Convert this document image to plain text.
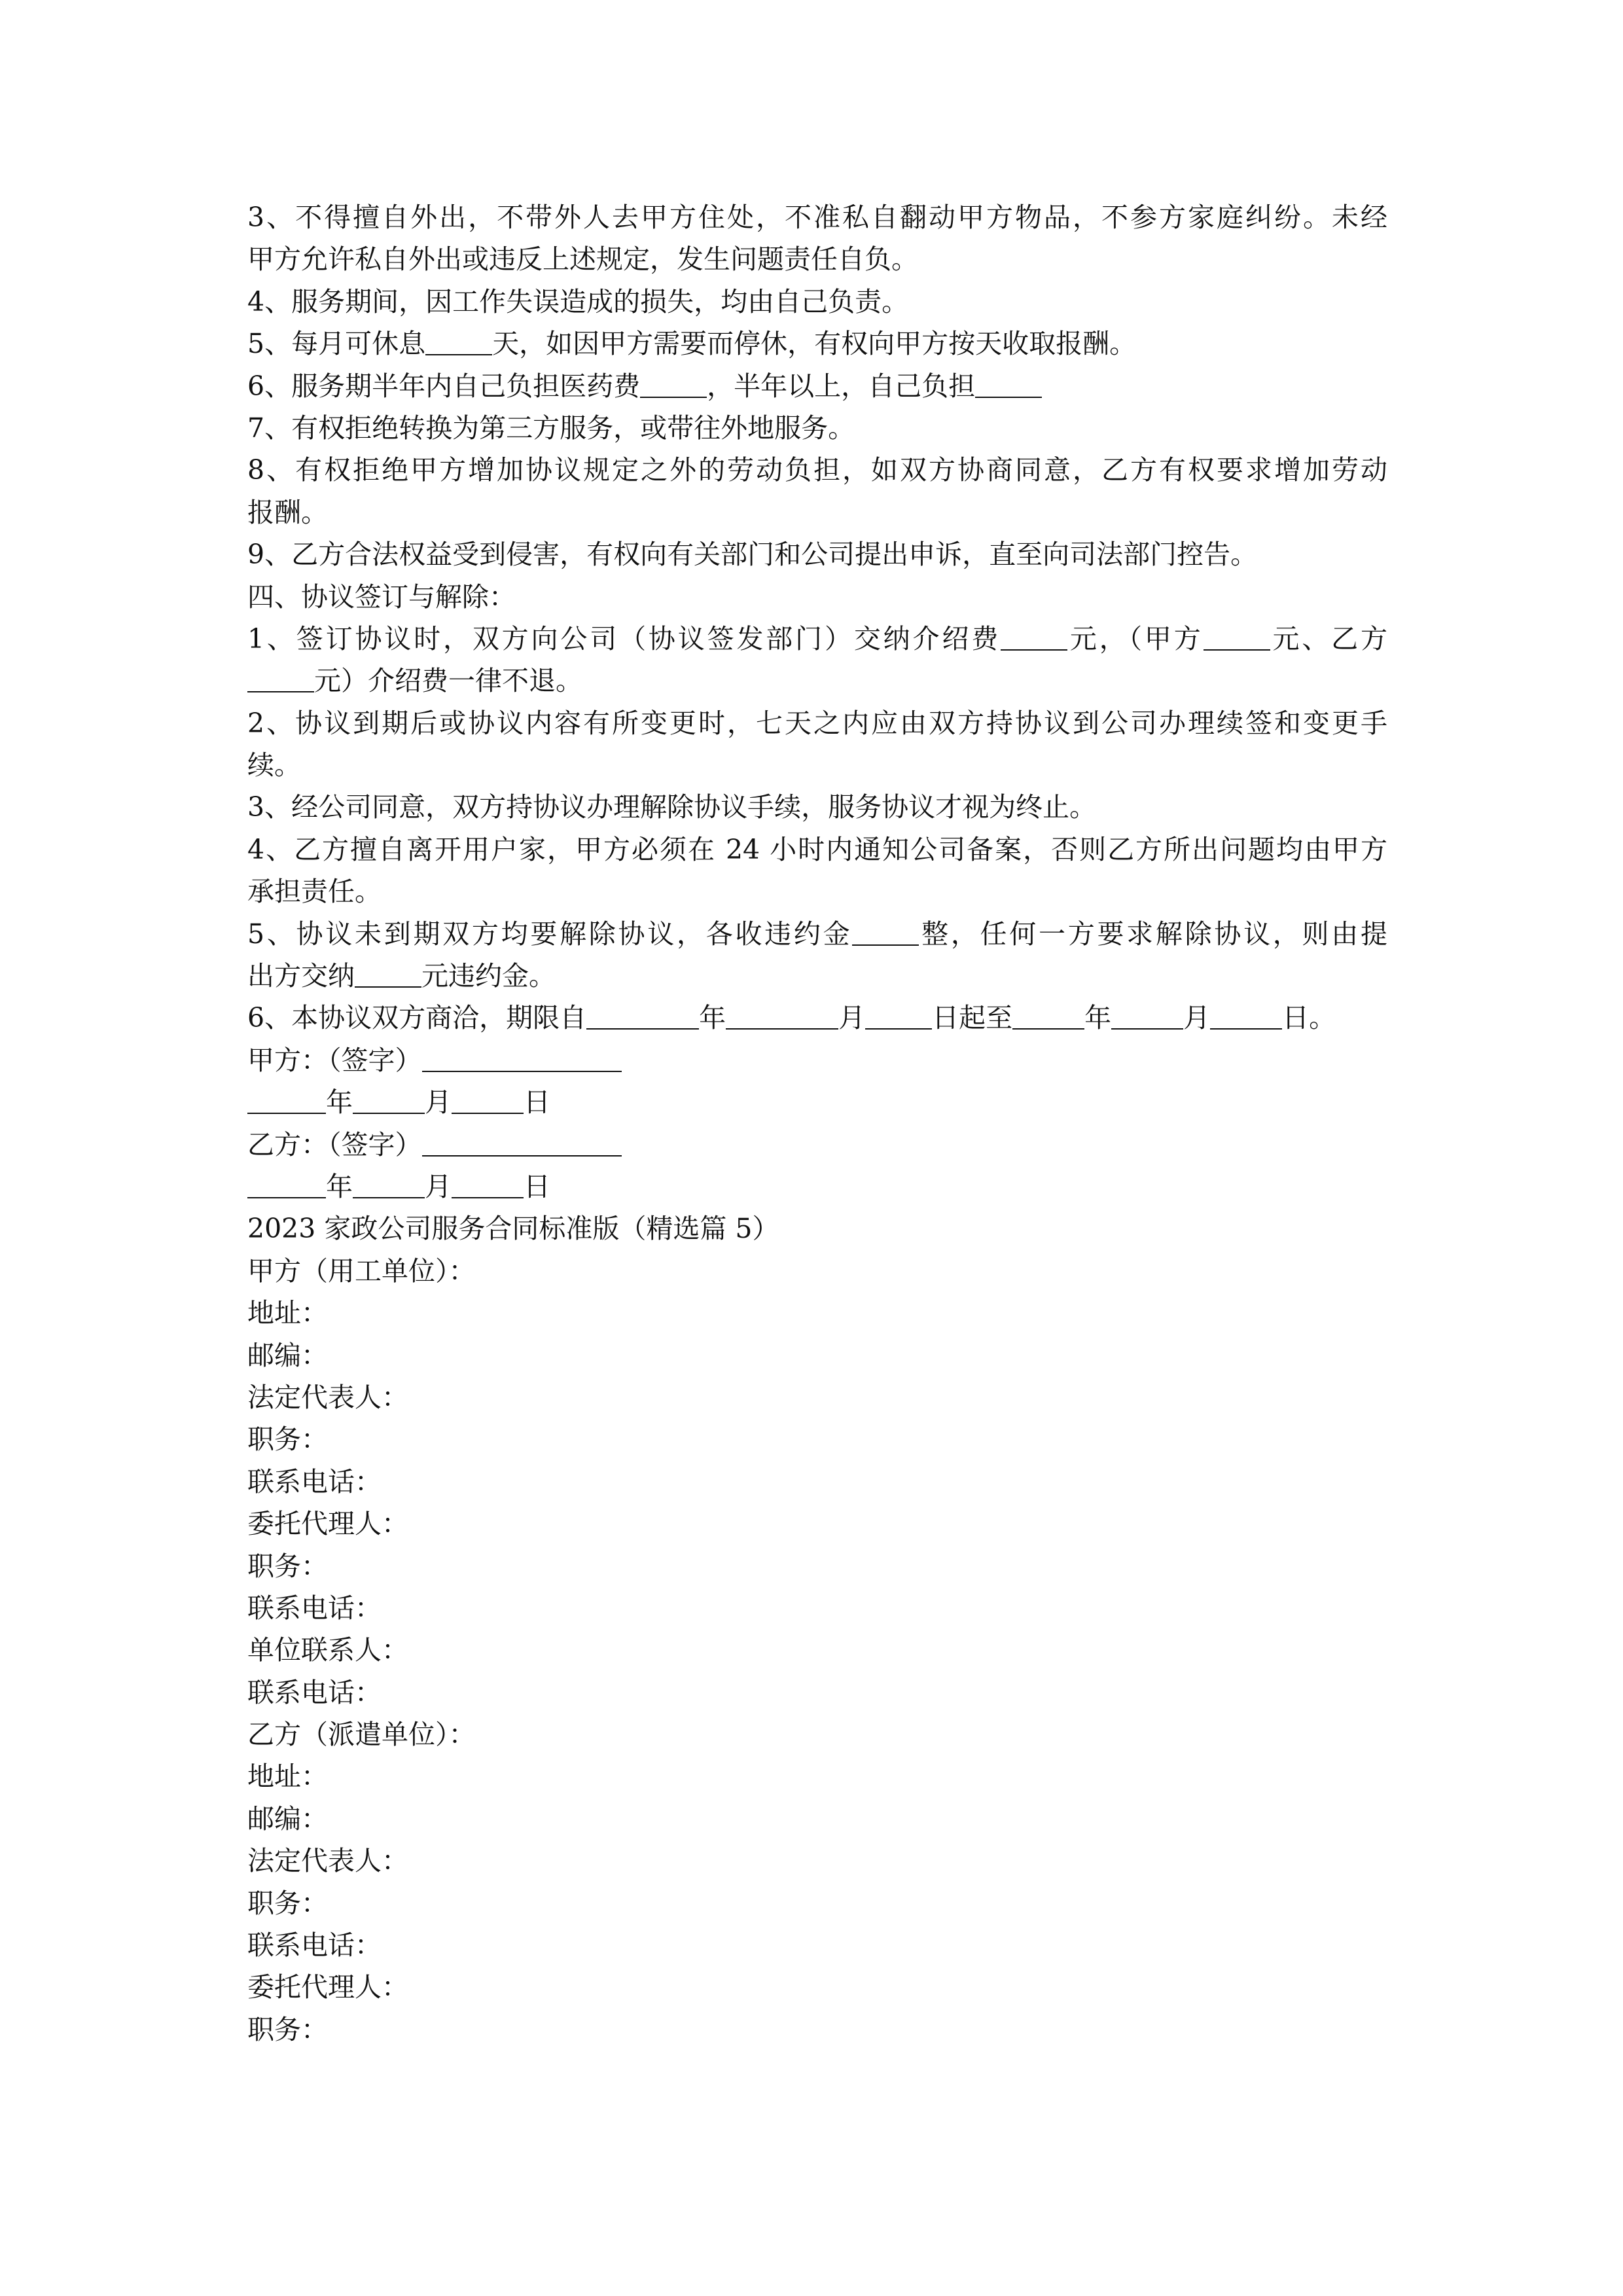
3、不得擅自外出，不带外人去甲方住处，不准私自翻动甲方物品，不参方家庭纠纷。未经
甲方允许私自外出或违反上述规定，发生问题责任自负。
4、服务期间，因工作失误造成的损失，均由自己负责。
5、每月可休息 天，如因甲方需要而停休，有权向甲方按天收取报酬。
6、服务期半年内自己负担医药费 ，半年以上，自己负担
7、有权拒绝转换为第三方服务，或带往外地服务。
8、有权拒绝甲方增加协议规定之外的劳动负担，如双方协商同意，乙方有权要求增加劳动
报酬。
9、乙方合法权益受到侵害，有权向有关部门和公司提出申诉，直至向司法部门控告。
四、协议签订与解除：
1、签订协议时，双方向公司（协议签发部门）交纳介绍费 元，（甲方 元、乙方
元）介绍费一律不退。
2、协议到期后或协议内容有所变更时，七天之内应由双方持协议到公司办理续签和变更手
续。
3、经公司同意，双方持协议办理解除协议手续，服务协议才视为终止。
4、乙方擅自离开用户家，甲方必须在 24 小时内通知公司备案，否则乙方所出问题均由甲方
承担责任。
5、协议未到期双方均要解除协议，各收违约金 整，任何一方要求解除协议，则由提
出方交纳 元违约金。
6、本协议双方商洽，期限自	年	月 日起至	年	月	日。
甲方：（签字）
年	月	日
乙方：（签字）
年	月	日
2023 家政公司服务合同标准版（精选篇 5）
甲方（用工单位）：
地址：
邮编：
法定代表人：
职务：
联系电话：
委托代理人：
职务：
联系电话：
单位联系人：
联系电话：
乙方（派遣单位）：
地址：
邮编：
法定代表人：
职务：
联系电话：
委托代理人：
职务：
